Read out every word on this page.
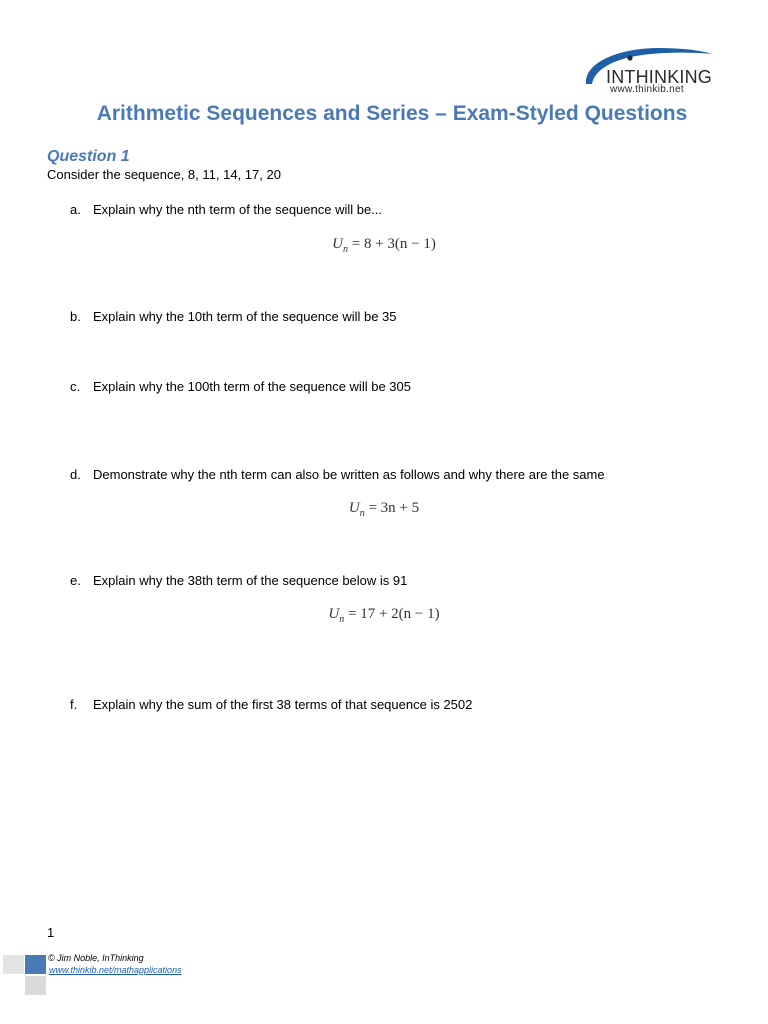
INTHINKING
www.thinkib.net
Arithmetic Sequences and Series – Exam-Styled Questions
Question 1
Consider the sequence, 8, 11, 14, 17, 20
a. Explain why the nth term of the sequence will be...
$U_n = 8 + 3(n - 1)$
b. Explain why the 10th term of the sequence will be 35
c. Explain why the 100th term of the sequence will be 305
d. Demonstrate why the nth term can also be written as follows and why there are the same
$U_n = 3n + 5$
e. Explain why the 38th term of the sequence below is 91
$U_n = 17 + 2(n - 1)$
f. Explain why the sum of the first 38 terms of that sequence is 2502
1
© Jim Noble, InThinking
www.thinkib.net/mathapplications
